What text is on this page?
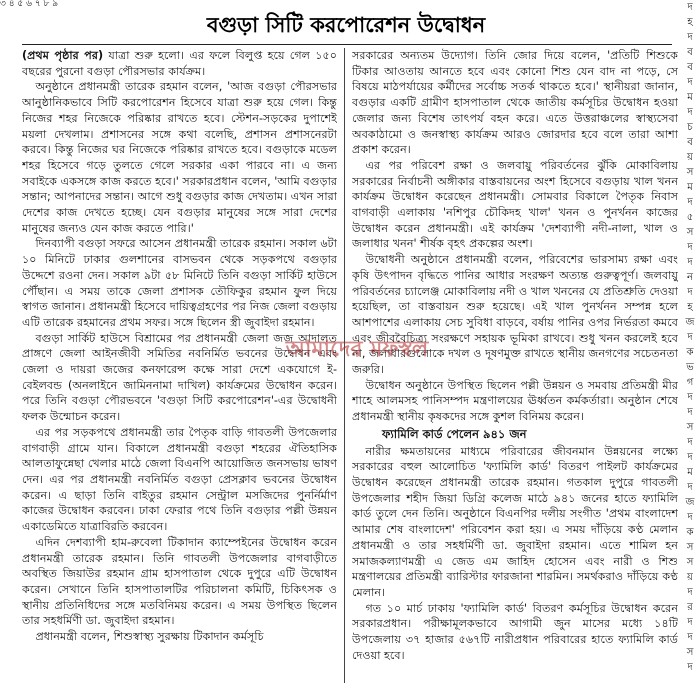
৩ ৪ ৫ ৬ ৭ ৮ ৯
বগুড়া সিটি করপোরেশন উদ্বোধন

(প্রথম পৃষ্ঠার পর) যাত্রা শুরু হলো। এর ফলে বিলুপ্ত হয়ে গেল ১৫০ বছরের পুরনো বগুড়া পৌরসভার কার্যক্রম।

অনুষ্ঠানে প্রধানমন্ত্রী তারেক রহমান বলেন, 'আজ বগুড়া পৌরসভার আনুষ্ঠানিকভাবে সিটি করপোরেশন হিসেবে যাত্রা শুরু হয়ে গেল। কিন্তু নিজের শহর নিজেকে পরিষ্কার রাখতে হবে। স্টেশন-সড়কের দুপাশেই ময়লা দেখলাম। প্রশাসনের সঙ্গে কথা বলেছি, প্রশাসন প্রশাসনেরটা করবে। কিন্তু নিজের ঘর নিজেকে পরিষ্কার রাখতে হবে। বগুড়াকে মডেল শহর হিসেবে গড়ে তুলতে গেলে সরকার একা পারবে না। এ জন্য সবাইকে একসঙ্গে কাজ করতে হবে।' সরকারপ্রধান বলেন, 'আমি বগুড়ার সন্তান; আপনাদের সন্তান। আগে শুধু বগুড়ার কাজ দেখতাম। এখন সারা দেশের কাজ দেখতে হচ্ছে। যেন বগুড়ার মানুষের সঙ্গে সারা দেশের মানুষের জন্যও যেন কাজ করতে পারি।'

দিনব্যাপী বগুড়া সফরে আসেন প্রধানমন্ত্রী তারেক রহমান। সকাল ৬টা ১০ মিনিটে ঢাকার গুলশানের বাসভবন থেকে সড়কপথে বগুড়ার উদ্দেশে রওনা দেন। সকাল ৯টা ৫৮ মিনিটে তিনি বগুড়া সার্কিট হাউসে পৌঁছান। এ সময় তাকে জেলা প্রশাসক তৌফিকুর রহমান ফুল দিয়ে স্বাগত জানান। প্রধানমন্ত্রী হিসেবে দায়িত্বগ্রহণের পর নিজ জেলা বগুড়ায় এটি তারেক রহমানের প্রথম সফর। সঙ্গে ছিলেন স্ত্রী জুবাইদা রহমান।

বগুড়া সার্কিট হাউসে বিশ্রামের পর প্রধানমন্ত্রী জেলা জজ আদালত প্রাঙ্গণে জেলা আইনজীবী সমিতির নবনির্মিত ভবনের উদ্বোধন এবং জেলা ও দায়রা জজের কনফারেন্স কক্ষে সারা দেশে একযোগে ই-বেইলবন্ড (অনলাইনে জামিননামা দাখিল) কার্যক্রমের উদ্বোধন করেন। পরে তিনি বগুড়া পৌরভবনে 'বগুড়া সিটি করপোরেশন'-এর উদ্বোধনী ফলক উন্মোচন করেন।

এর পর সড়কপথে প্রধানমন্ত্রী তার পৈতৃক বাড়ি গাবতলী উপজেলার বাগবাড়ী গ্রামে যান। বিকালে প্রধানমন্ত্রী বগুড়া শহরের ঐতিহাসিক আলতাফুন্নেছা খেলার মাঠে জেলা বিএনপি আয়োজিত জনসভায় ভাষণ দেন। এর পর প্রধানমন্ত্রী নবনির্মিত বগুড়া প্রেসক্লাব ভবনের উদ্বোধন করেন। এ ছাড়া তিনি বাইতুর রহমান সেন্ট্রাল মসজিদের পুনর্নির্মাণ কাজের উদ্বোধন করবেন। ঢাকা ফেরার পথে তিনি বগুড়ার পল্লী উন্নয়ন একাডেমিতে যাত্রাবিরতি করবেন।

এদিন দেশব্যাপী হাম-রুবেলা টিকাদান ক্যাম্পেইনের উদ্বোধন করেন প্রধানমন্ত্রী তারেক রহমান। তিনি গাবতলী উপজেলার বাগবাড়ীতে অবস্থিত জিয়াউর রহমান গ্রাম হাসপাতাল থেকে দুপুরে এটি উদ্বোধন করেন। সেখানে তিনি হাসপাতালটির পরিচালনা কমিটি, চিকিৎসক ও স্থানীয় প্রতিনিধিদের সঙ্গে মতবিনিময় করেন। এ সময় উপস্থিত ছিলেন তার সহধর্মিণী ডা. জুবাইদা রহমান।

প্রধানমন্ত্রী বলেন, শিশুস্বাস্থ্য সুরক্ষায় টিকাদান কর্মসূচি

সরকারের অন্যতম উদ্যোগ। তিনি জোর দিয়ে বলেন, 'প্রতিটি শিশুকে টিকার আওতায় আনতে হবে এবং কোনো শিশু যেন বাদ না পড়ে, সে বিষয়ে মাঠপর্যায়ের কর্মীদের সর্বোচ্চ সতর্ক থাকতে হবে।' স্থানীয়রা জানান, বগুড়ার একটি গ্রামীণ হাসপাতাল থেকে জাতীয় কর্মসূচির উদ্বোধন হওয়া জেলার জন্য বিশেষ তাৎপর্য বহন করে। এতে উত্তরাঞ্চলের স্বাস্থ্যসেবা অবকাঠামো ও জনস্বাস্থ্য কার্যক্রম আরও জোরদার হবে বলে তারা আশা প্রকাশ করেন।

এর পর পরিবেশ রক্ষা ও জলবায়ু পরিবর্তনের ঝুঁকি মোকাবিলায় সরকারের নির্বাচনী অঙ্গীকার বাস্তবায়নের অংশ হিসেবে বগুড়ায় খাল খনন কার্যক্রম উদ্বোধন করেছেন প্রধানমন্ত্রী। সোমবার বিকালে পৈতৃক নিবাস বাগবাড়ী এলাকায় 'নশিপুর চৌকিদহ খাল' খনন ও পুনর্খনন কাজের উদ্বোধন করেন প্রধানমন্ত্রী। এই কার্যক্রম 'দেশব্যাপী নদী-নালা, খাল ও জলাধার খনন' শীর্ষক বৃহৎ প্রকল্পের অংশ।

উদ্বোধনী অনুষ্ঠানে প্রধানমন্ত্রী বলেন, পরিবেশের ভারসাম্য রক্ষা এবং কৃষি উৎপাদন বৃদ্ধিতে পানির আধার সংরক্ষণ অত্যন্ত গুরুত্বপূর্ণ। জলবায়ু পরিবর্তনের চ্যালেঞ্জ মোকাবিলায় নদী ও খাল খননের যে প্রতিশ্রুতি দেওয়া হয়েছিল, তা বাস্তবায়ন শুরু হয়েছে। এই খাল পুনর্খনন সম্পন্ন হলে আশপাশের এলাকায় সেচ সুবিধা বাড়বে, বর্ষায় পানির ওপর নির্ভরতা কমবে এবং জীববৈচিত্র্য সংরক্ষণে সহায়ক ভূমিকা রাখবে। শুধু খনন করলেই হবে না, জলাধারগুলোকে দখল ও দূষণমুক্ত রাখতে স্থানীয় জনগণের সচেতনতা জরুরি।

উদ্বোধন অনুষ্ঠানে উপস্থিত ছিলেন পল্লী উন্নয়ন ও সমবায় প্রতিমন্ত্রী মীর শাহে আলমসহ পানিসম্পদ মন্ত্রণালয়ের ঊর্ধ্বতন কর্মকর্তারা। অনুষ্ঠান শেষে প্রধানমন্ত্রী স্থানীয় কৃষকদের সঙ্গে কুশল বিনিময় করেন।

ফ্যামিলি কার্ড পেলেন ৯৪১ জন

নারীর ক্ষমতায়নের মাধ্যমে পরিবারের জীবনমান উন্নয়নের লক্ষ্যে সরকারের বহুল আলোচিত 'ফ্যামিলি কার্ড' বিতরণ পাইলট কার্যক্রমের উদ্বোধন করেছেন প্রধানমন্ত্রী তারেক রহমান। গতকাল দুপুরে গাবতলী উপজেলার শহীদ জিয়া ডিগ্রি কলেজ মাঠে ৯৪১ জনের হাতে ফ্যামিলি কার্ড তুলে দেন তিনি। অনুষ্ঠানে বিএনপির দলীয় সংগীত 'প্রথম বাংলাদেশ আমার শেষ বাংলাদেশ' পরিবেশন করা হয়। এ সময় দাঁড়িয়ে কণ্ঠ মেলান প্রধানমন্ত্রী ও তার সহধর্মিণী ডা. জুবাইদা রহমান। এতে শামিল হন সমাজকল্যাণমন্ত্রী এ জেড এম জাহিদ হোসেন এবং নারী ও শিশু মন্ত্রণালয়ের প্রতিমন্ত্রী ব্যারিস্টার ফারজানা শারমিন। সমর্থকরাও দাঁড়িয়ে কণ্ঠ মেলান।

গত ১০ মার্চ ঢাকায় 'ফ্যামিলি কার্ড' বিতরণ কর্মসূচির উদ্বোধন করেন সরকারপ্রধান। পরীক্ষামূলকভাবে আগামী জুন মাসের মধ্যে ১৪টি উপজেলায় ৩৭ হাজার ৫৬৭টি নারীপ্রধান পরিবারের হাতে ফ্যামিলি কার্ড দেওয়া হবে।

আমাদের মফস্বল
দ
হ
দ
ব
ব
দ
ম
দ
চ
ব
য়
স
ম
দ
৫
স
দ
দ
ন
দ
হ
জ
দ
ক
ভ
গ
দ
দ
স
দ
দ
ম
দ
জ
দ
ক
স
স
য়
দ
র
দ
দ
স
দ
